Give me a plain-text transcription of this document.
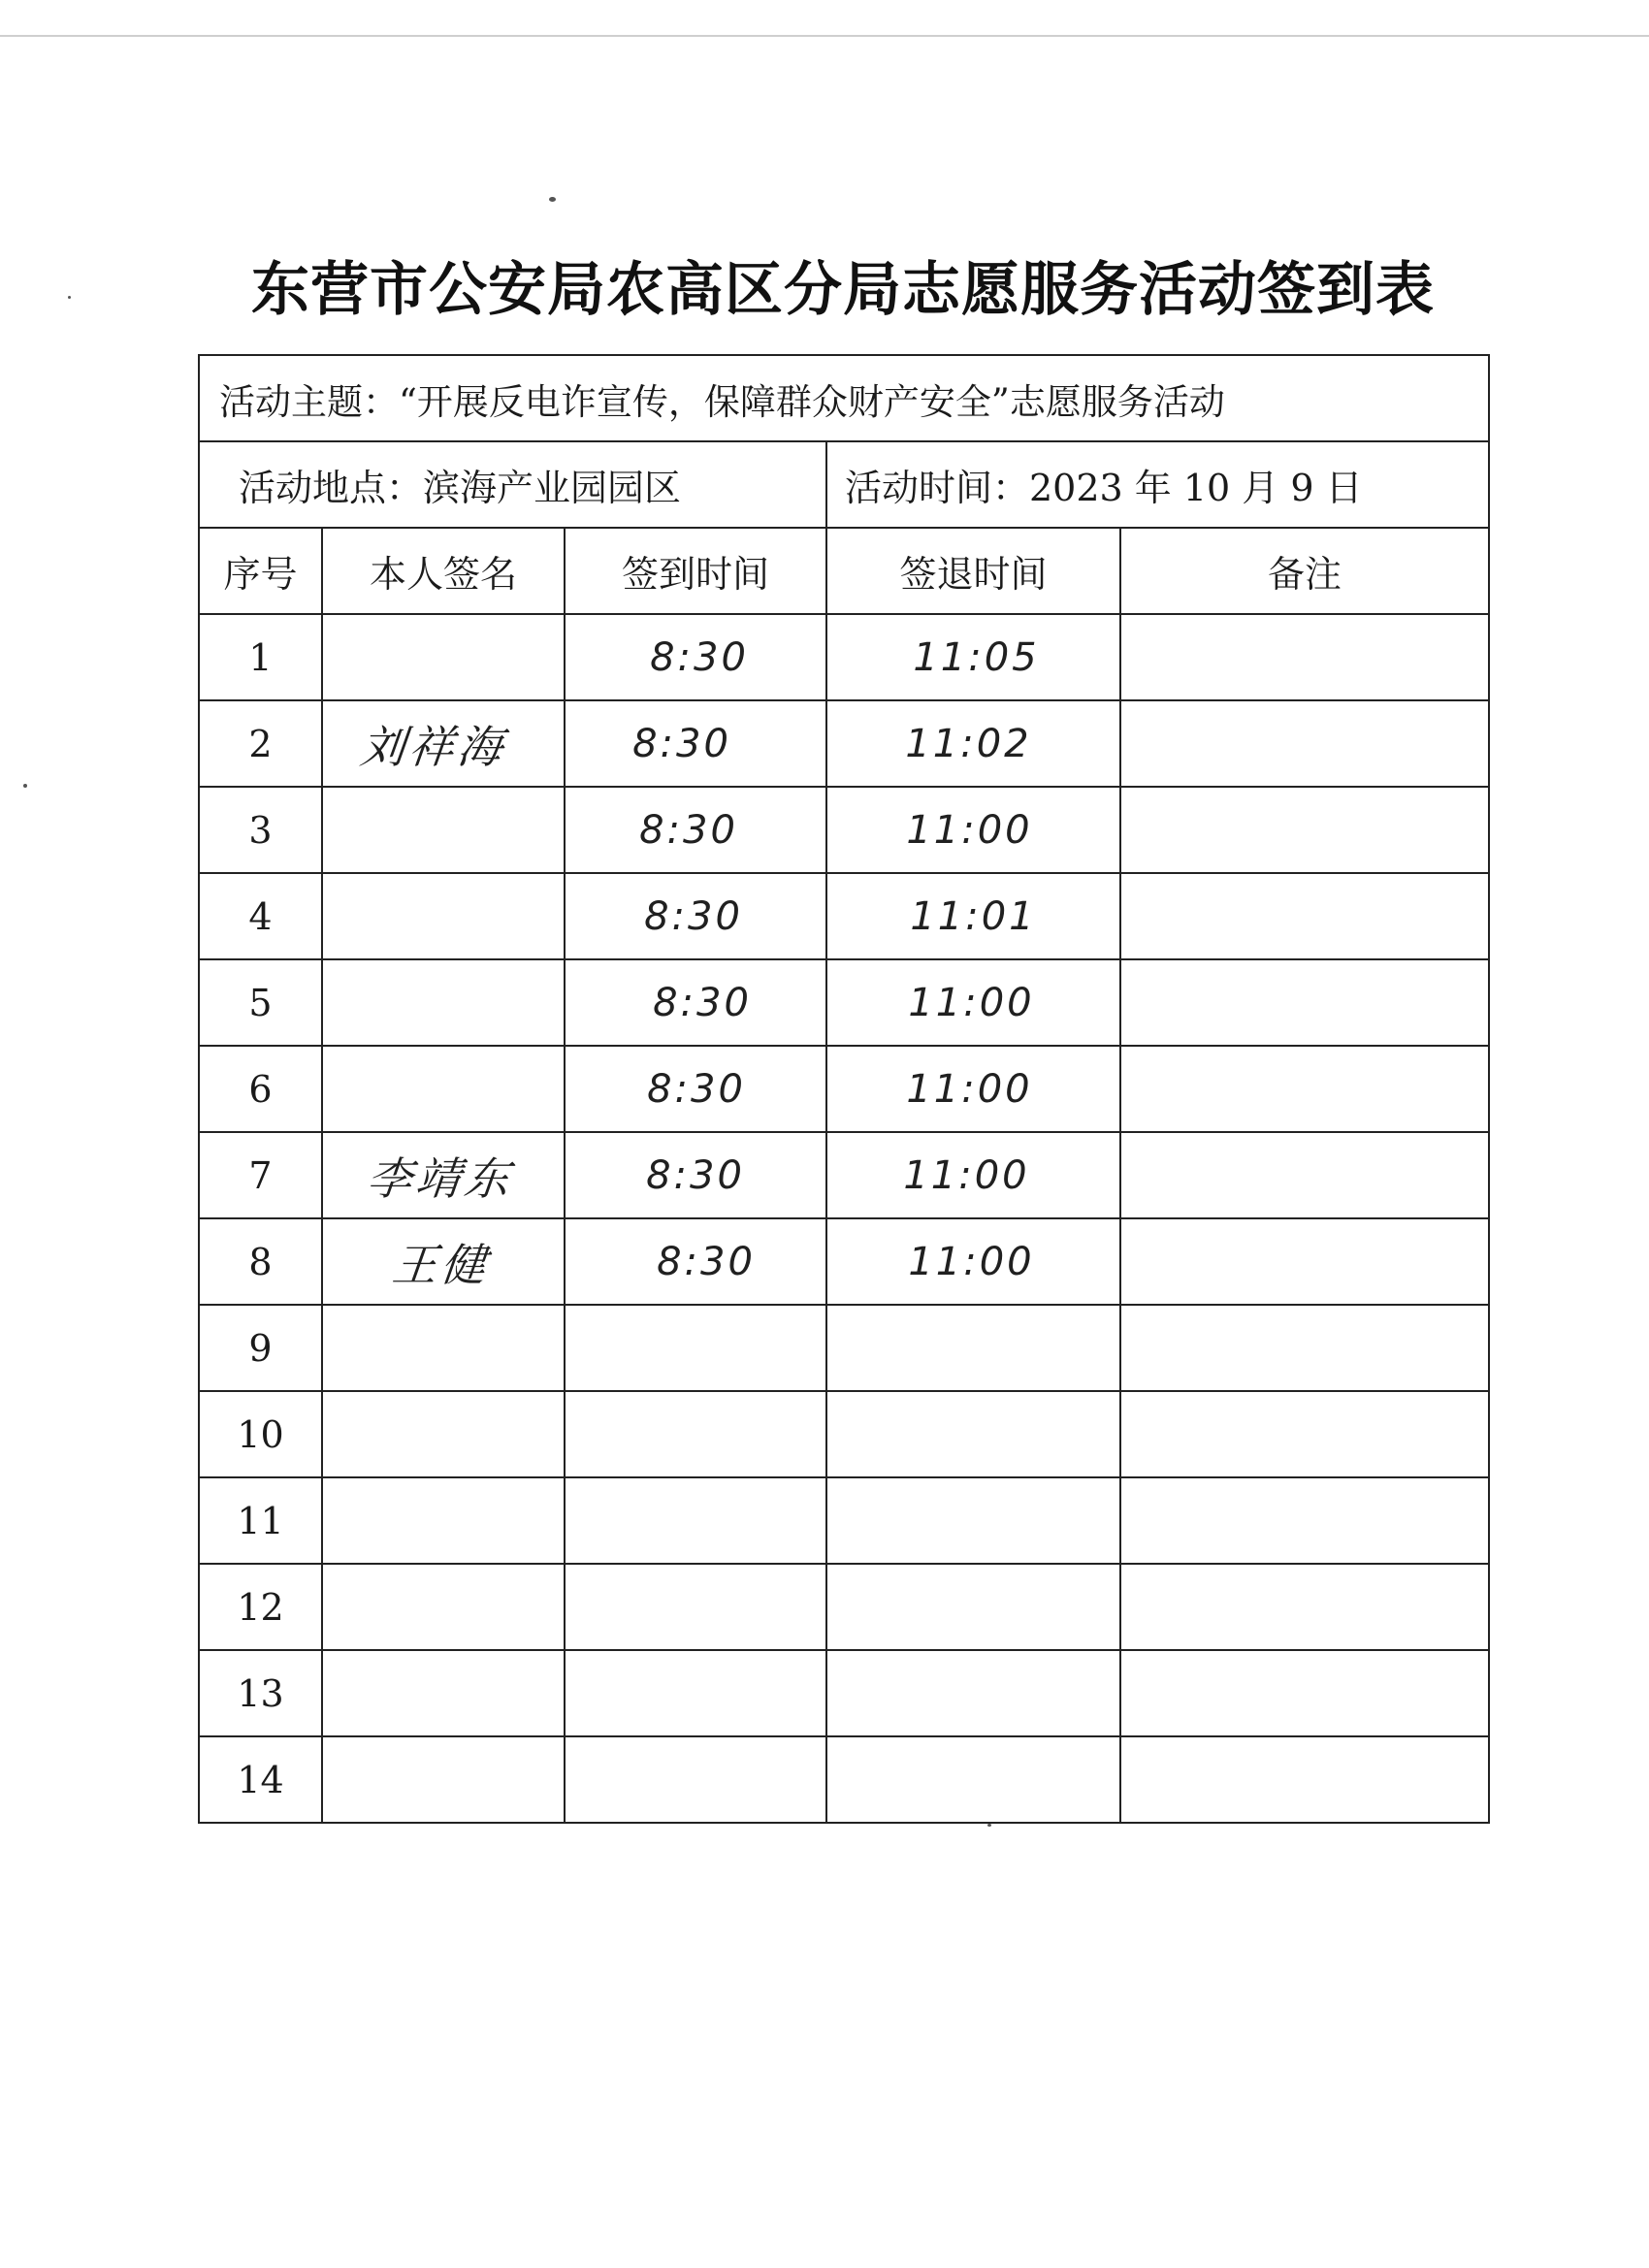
东营市公安局农高区分局志愿服务活动签到表
活动主题：“开展反电诈宣传，保障群众财产安全”志愿服务活动				
活动地点：滨海产业园园区			活动时间：2023 年 10 月 9 日	
序号	本人签名	签到时间	签退时间	备注
1		8:30	11:05	
2	刘祥海	8:30	11:02	
3		8:30	11:00	
4		8:30	11:01	
5		8:30	11:00	
6		8:30	11:00	
7	李靖东	8:30	11:00	
8	王健	8:30	11:00	
9				
10				
11				
12				
13				
14				
